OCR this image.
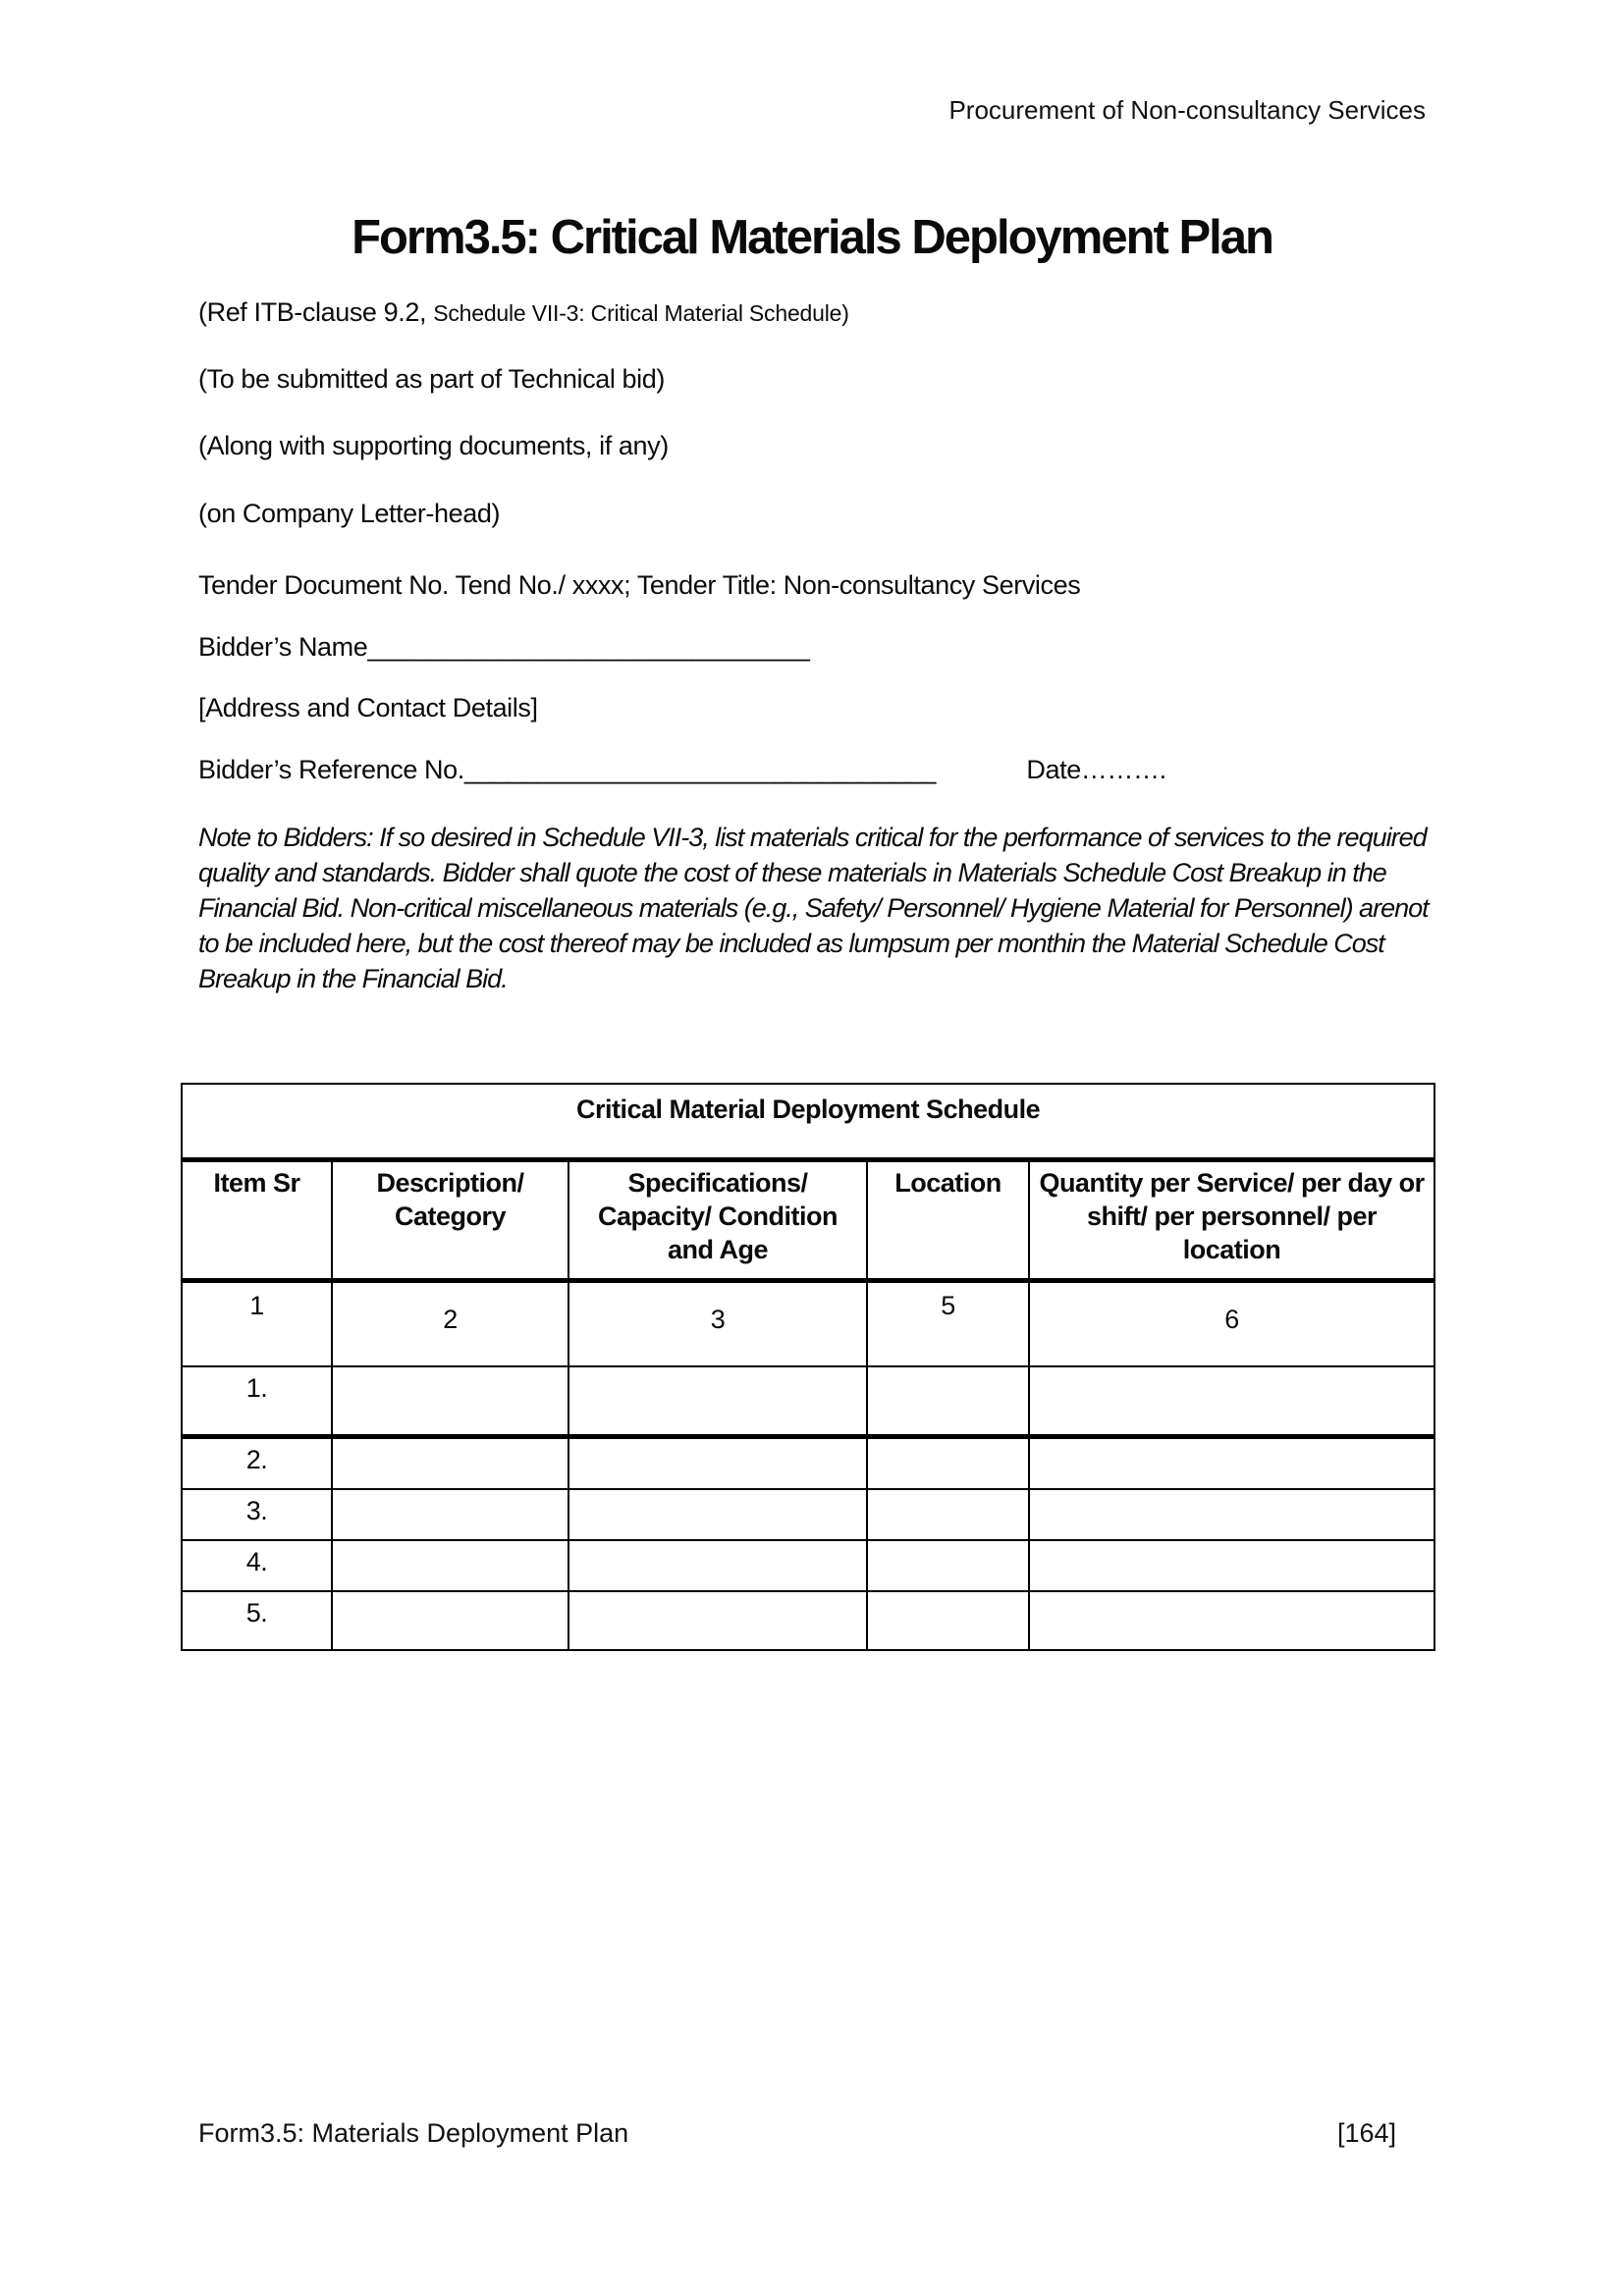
Procurement of Non-consultancy Services
Form3.5: Critical Materials Deployment Plan
(Ref ITB-clause 9.2, Schedule VII-3: Critical Material Schedule)
(To be submitted as part of Technical bid)
(Along with supporting documents, if any)
(on Company Letter-head)
Tender Document No. Tend No./ xxxx; Tender Title: Non-consultancy Services
Bidder’s Name______________________________
[Address and Contact Details]
Bidder’s Reference No.________________________________	Date……….
Note to Bidders: If so desired in Schedule VII-3, list materials critical for the performance of services to the required quality and standards. Bidder shall quote the cost of these materials in Materials Schedule Cost Breakup in the Financial Bid. Non-critical miscellaneous materials (e.g., Safety/ Personnel/ Hygiene Material for Personnel) arenot to be included here, but the cost thereof may be included as lumpsum per monthin the Material Schedule Cost Breakup in the Financial Bid.
Critical Material Deployment Schedule				
Item Sr	Description/ Category	Specifications/ Capacity/ Condition and Age	Location	Quantity per Service/ per day or shift/ per personnel/ per location
1	2	3	5	6
1.				
2.				
3.				
4.				
5.				
Form3.5: Materials Deployment Plan	[164]
